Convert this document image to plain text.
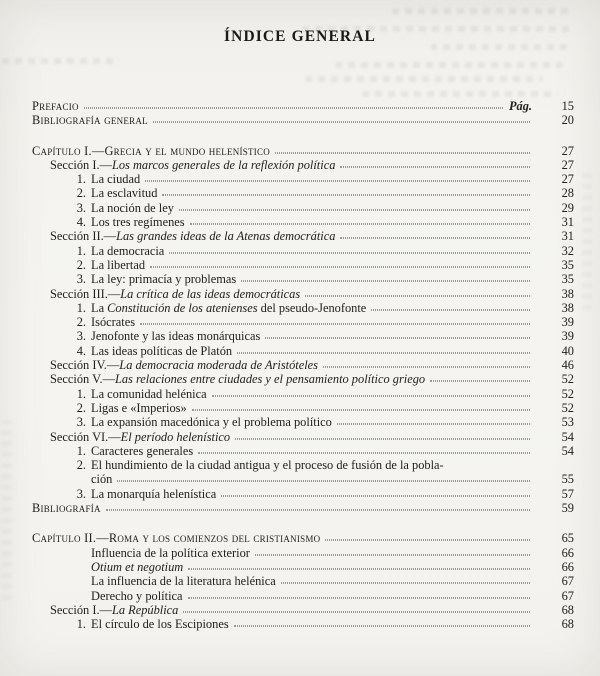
ÍNDICE GENERAL
Prefacio	Pág.	15
Bibliografía general	20
Capítulo I.—Grecia y el mundo helenístico	27
Sección I.—Los marcos generales de la reflexión política	27
1. La ciudad	27
2. La esclavitud	28
3. La noción de ley	29
4. Los tres regímenes	31
Sección II.—Las grandes ideas de la Atenas democrática	31
1. La democracia	32
2. La libertad	35
3. La ley: primacía y problemas	35
Sección III.—La crítica de las ideas democráticas	38
1. La Constitución de los atenienses del pseudo-Jenofonte	38
2. Isócrates	39
3. Jenofonte y las ideas monárquicas	39
4. Las ideas políticas de Platón	40
Sección IV.—La democracia moderada de Aristóteles	46
Sección V.—Las relaciones entre ciudades y el pensamiento político griego	52
1. La comunidad helénica	52
2. Ligas e «Imperios»	52
3. La expansión macedónica y el problema político	53
Sección VI.—El período helenístico	54
1. Caracteres generales	54
2. El hundimiento de la ciudad antigua y el proceso de fusión de la pobla-
ción	55
3. La monarquía helenística	57
Bibliografía	59
Capítulo II.—Roma y los comienzos del cristianismo	65
Influencia de la política exterior	66
Otium et negotium	66
La influencia de la literatura helénica	67
Derecho y política	67
Sección I.—La República	68
1. El círculo de los Escipiones	68
